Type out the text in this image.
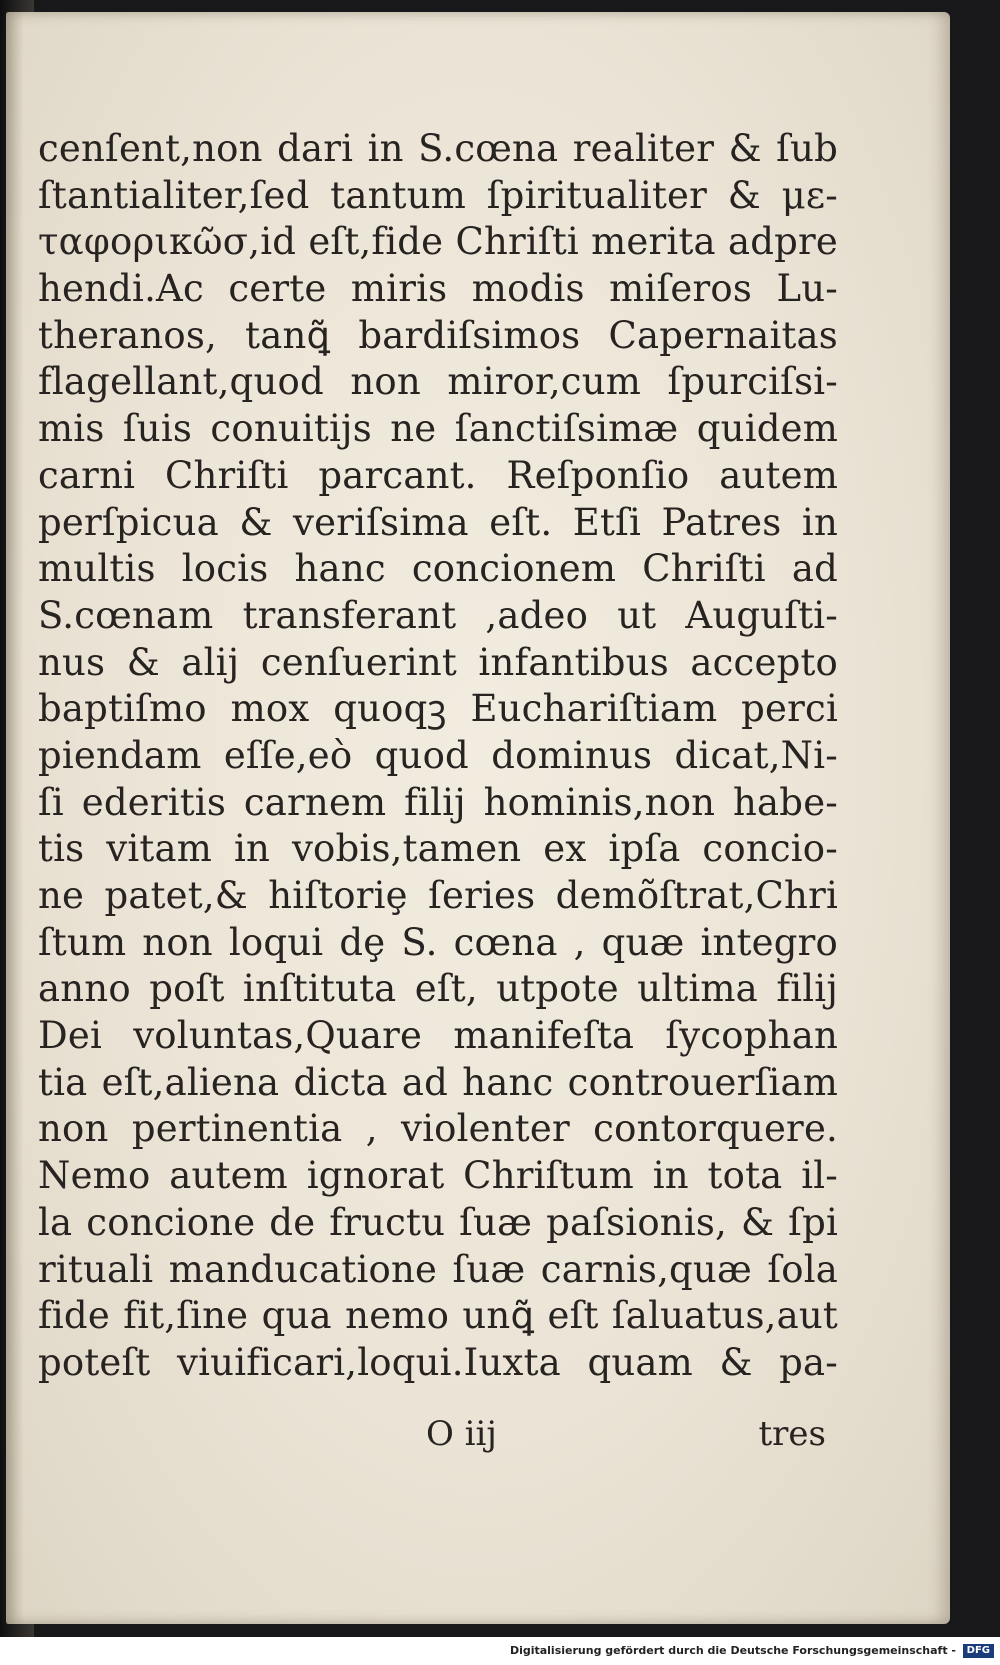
cenſent,non dari in S.cœna realiter & ſub
ſtantialiter,ſed tantum ſpiritualiter & με-
ταφορικῶσ,id eſt,fide Chriſti merita adpre
hendi.Ac certe miris modis miſeros Lu-
theranos, tanꝗ̃ bardiſsimos Capernaitas
flagellant,quod non miror,cum ſpurciſsi-
mis ſuis conuitijs ne ſanctiſsimæ quidem
carni Chriſti parcant. Reſponſio autem
perſpicua & veriſsima eſt. Etſi Patres in
multis locis hanc concionem Chriſti ad
S.cœnam transferant ,adeo ut Auguſti-
nus & alij cenſuerint infantibus accepto
baptiſmo mox quoqꝫ Euchariſtiam perci
piendam eſſe,eò quod dominus dicat,Ni-
ſi ederitis carnem filij hominis,non habe-
tis vitam in vobis,tamen ex ipſa concio-
ne patet,& hiſtoriȩ ſeries demõſtrat,Chri
ſtum non loqui dȩ S. cœna , quæ integro
anno poſt inſtituta eſt, utpote ultima filij
Dei voluntas,Quare manifeſta ſycophan
tia eſt,aliena dicta ad hanc controuerſiam
non pertinentia , violenter contorquere.
Nemo autem ignorat Chriſtum in tota il-
la concione de fructu ſuæ paſsionis, & ſpi
rituali manducatione ſuæ carnis,quæ ſola
fide fit,ſine qua nemo unꝗ̃ eſt ſaluatus,aut
poteſt viuificari,loqui.Iuxta quam & pa-
O iij	tres
Digitalisierung gefördert durch die Deutsche Forschungsgemeinschaft -	DFG
